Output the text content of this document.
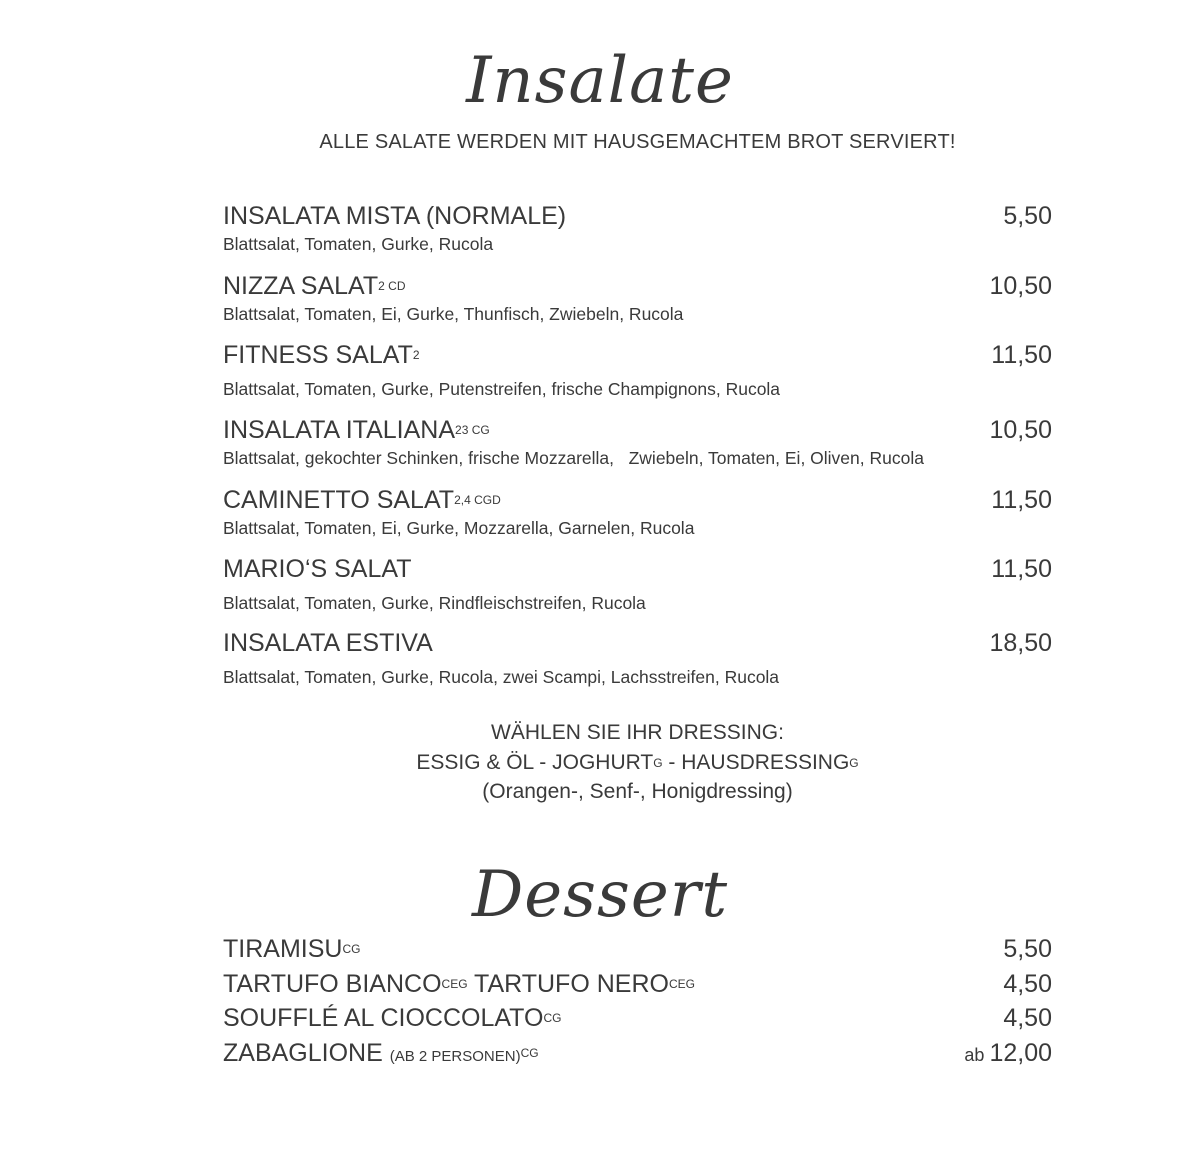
Insalate
ALLE SALATE WERDEN MIT HAUSGEMACHTEM BROT SERVIERT!
INSALATA MISTA (NORMALE)
Blattsalat, Tomaten, Gurke, Rucola
5,50
NIZZA $SALAT^{2 CD}$
Blattsalat, Tomaten, Ei, Gurke, Thunfisch, Zwiebeln, Rucola
10,50
FITNESS SALAT$^2$
Blattsalat, Tomaten, Gurke, Putenstreifen, frische Champignons, Rucola
11,50
INSALATA $ITALIANA^{23 CG}$
Blattsalat, gekochter Schinken, frische Mozzarella,   Zwiebeln, Tomaten, Ei, Oliven, Rucola
10,50
CAMINETTO $SALAT^{2,4 CGD}$
Blattsalat, Tomaten, Ei, Gurke, Mozzarella, Garnelen, Rucola
11,50
MARIO‘S SALAT
Blattsalat, Tomaten, Gurke, Rindfleischstreifen, Rucola
11,50
INSALATA ESTIVA
Blattsalat, Tomaten, Gurke, Rucola, zwei Scampi, Lachsstreifen, Rucola
18,50
WÄHLEN SIE IHR DRESSING:
ESSIG & ÖL - $JOGHURT^G$ - $HAUSDRESSING^G$
(Orangen-, Senf-, Honigdressing)
Dessert
$TIRAMISU^{CG}$	5,50
TARTUFO $BIANCO^{CEG}$ TARTUFO $NERO^{CEG}$	4,50
SOUFFLÉ AL $CIOCCOLATO^{CG}$	4,50
ZABAGLIONE (AB 2 PERSONEN)$^{CG}$	ab 12,00
